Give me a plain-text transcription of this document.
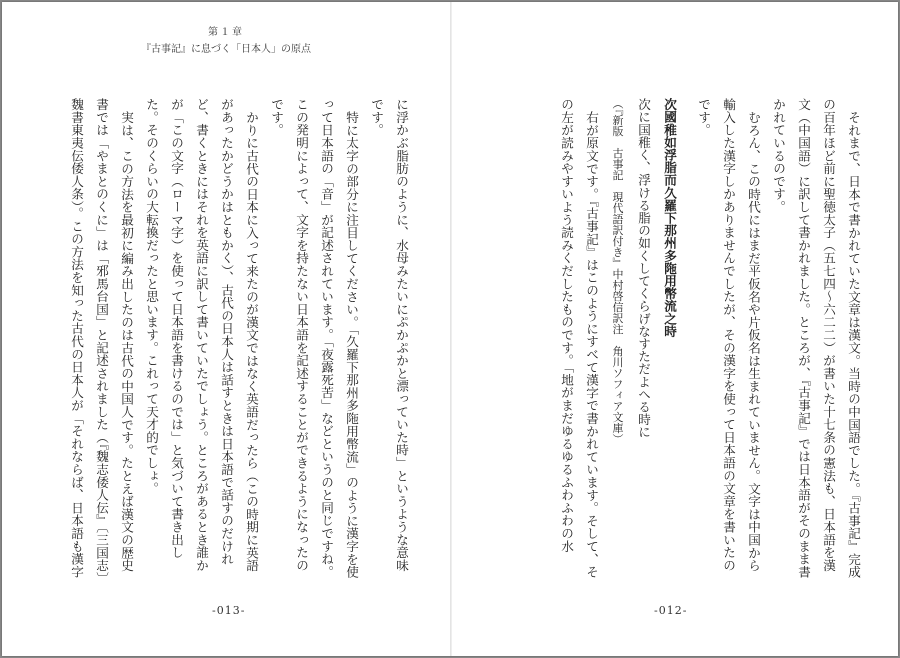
第１章
『古事記』に息づく「日本人」の原点

に浮かぶ脂肪のように、水母みたいにぷかぷかと漂っていた時」というような意味です。

特に太字の部分に注目してください。「久羅下那州多陁用幣流」のように漢字を使って日本語の「音」が記述されています。「夜露死苦」などというのと同じですね。この発明によって、文字を持たない日本語を記述することができるようになったのです。

かりに古代の日本に入って来たのが漢文ではなく英語だったら（この時期に英語があったかどうかはともかく）、古代の日本人は話すときは日本語で話すのだけれど、書くときにはそれを英語に訳して書いていたでしょう。ところがあるとき誰かが「この文字（ローマ字）を使って日本語を書けるのでは」と気づいて書き出した。そのくらいの大転換だったと思います。これって天才的でしょ。

実は、この方法を最初に編み出したのは古代の中国人です。たとえば漢文の歴史書では「やまとのくに」は「邪馬台国」と記述されました（『魏志倭人伝』〔三国志〕魏書東夷伝倭人条）。この方法を知った古代の日本人が「それならば、日本語も漢字

-013-

それまで、日本で書かれていた文章は漢文。当時の中国語でした。『古事記』完成の百年ほど前に聖徳太子（五七四～六二二）が書いた十七条の憲法も、日本語を漢文（中国語）に訳して書かれました。ところが、『古事記』では日本語がそのまま書かれているのです。

むろん、この時代にはまだ平仮名や片仮名は生まれていません。文字は中国から輸入した漢字しかありませんでしたが、その漢字を使って日本語の文章を書いたのです。

次國稚如浮脂而久羅下那州多陁用幣流之時

次に国稚く、浮ける脂の如くしてくらげなすただよへる時に

（『新版　古事記　現代語訳付き』中村啓信訳注　角川ソフィア文庫）

右が原文です。『古事記』はこのようにすべて漢字で書かれています。そして、その左が読みやすいよう読みくだしたものです。「地がまだゆるゆるふわふわの水

-012-
